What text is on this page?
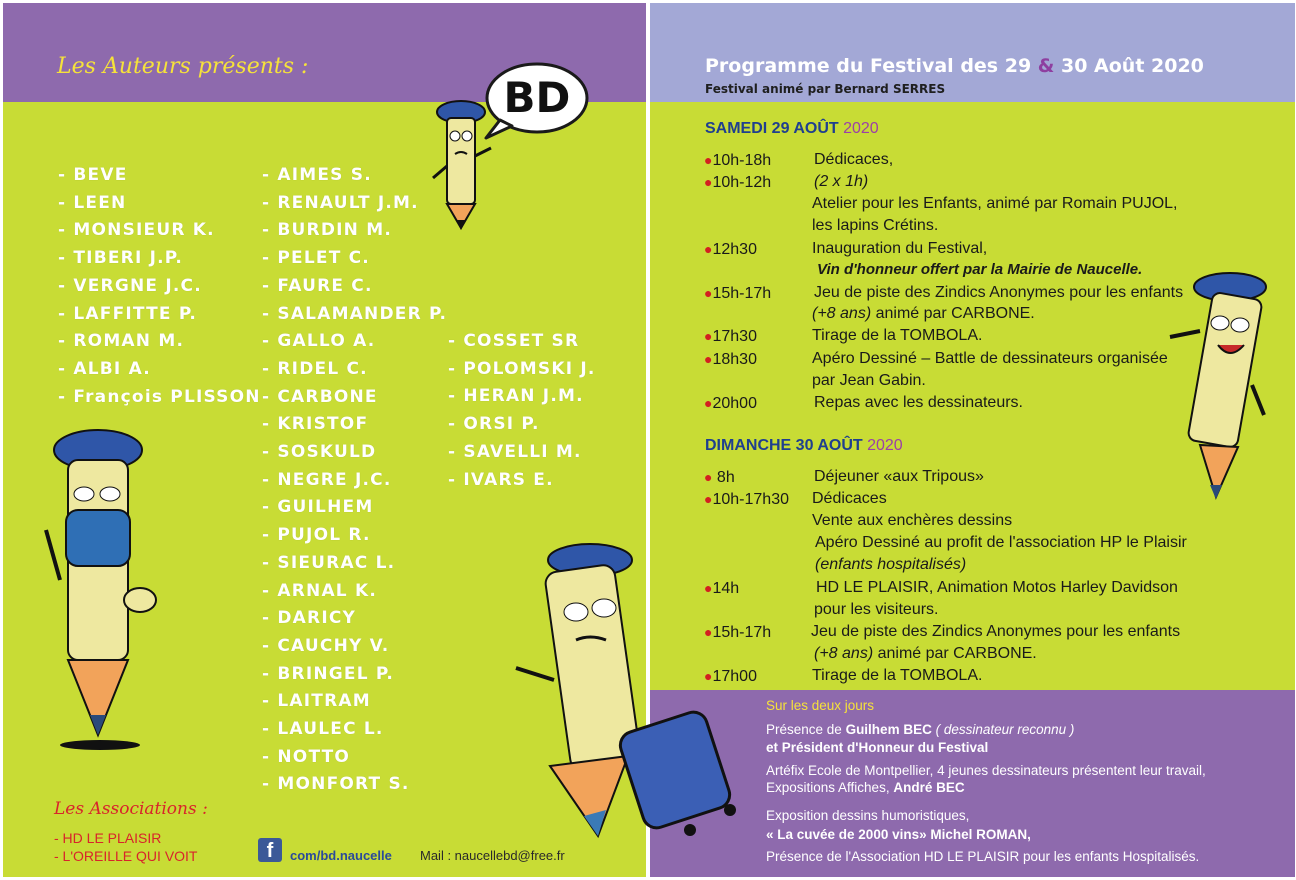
Les Auteurs présents :
- BEVE
- LEEN
- MONSIEUR K.
- TIBERI J.P.
- VERGNE J.C.
- LAFFITTE P.
- ROMAN M.
- ALBI A.
- François PLISSON
- AIMES S.
- RENAULT J.M.
- BURDIN M.
- PELET C.
- FAURE C.
- SALAMANDER P.
- GALLO A.
- RIDEL C.
- CARBONE
- KRISTOF
- SOSKULD
- NEGRE J.C.
- GUILHEM
- PUJOL R.
- SIEURAC L.
- ARNAL K.
- DARICY
- CAUCHY V.
- BRINGEL P.
- LAITRAM
- LAULEC L.
- NOTTO
- MONFORT S.
- COSSET SR
- POLOMSKI J.
- HERAN J.M.
- ORSI P.
- SAVELLI M.
- IVARS E.
BD
Les Associations :
- HD LE PLAISIR
- L'OREILLE QUI VOIT	f	com/bd.naucelle Mail : naucellebd@free.fr
Programme du Festival des 29 & 30 Août 2020
Festival animé par Bernard SERRES
SAMEDI 29 AOÛT 2020
●10h-18h	Dédicaces,
●10h-12h	(2 x 1h)
Atelier pour les Enfants, animé par Romain PUJOL,
les lapins Crétins.
●12h30	Inauguration du Festival,
Vin d'honneur offert par la Mairie de Naucelle.
●15h-17h	Jeu de piste des Zindics Anonymes pour les enfants
(+8 ans) animé par CARBONE.
●17h30	Tirage de la TOMBOLA.
●18h30	Apéro Dessiné – Battle de dessinateurs organisée
par Jean Gabin.
●20h00	Repas avec les dessinateurs.
DIMANCHE 30 AOÛT 2020
● 8h	Déjeuner «aux Tripous»
●10h-17h30 Dédicaces
Vente aux enchères dessins
Apéro Dessiné au profit de l'association HP le Plaisir
(enfants hospitalisés)
●14h	HD LE PLAISIR, Animation Motos Harley Davidson
pour les visiteurs.
●15h-17h Jeu de piste des Zindics Anonymes pour les enfants
(+8 ans) animé par CARBONE.
●17h00	Tirage de la TOMBOLA.
Sur les deux jours
Présence de Guilhem BEC ( dessinateur reconnu )
et Président d'Honneur du Festival
Artéfix Ecole de Montpellier, 4 jeunes dessinateurs présentent leur travail,
Expositions Affiches, André BEC
Exposition dessins humoristiques,
« La cuvée de 2000 vins» Michel ROMAN,
Présence de l'Association HD LE PLAISIR pour les enfants Hospitalisés.
